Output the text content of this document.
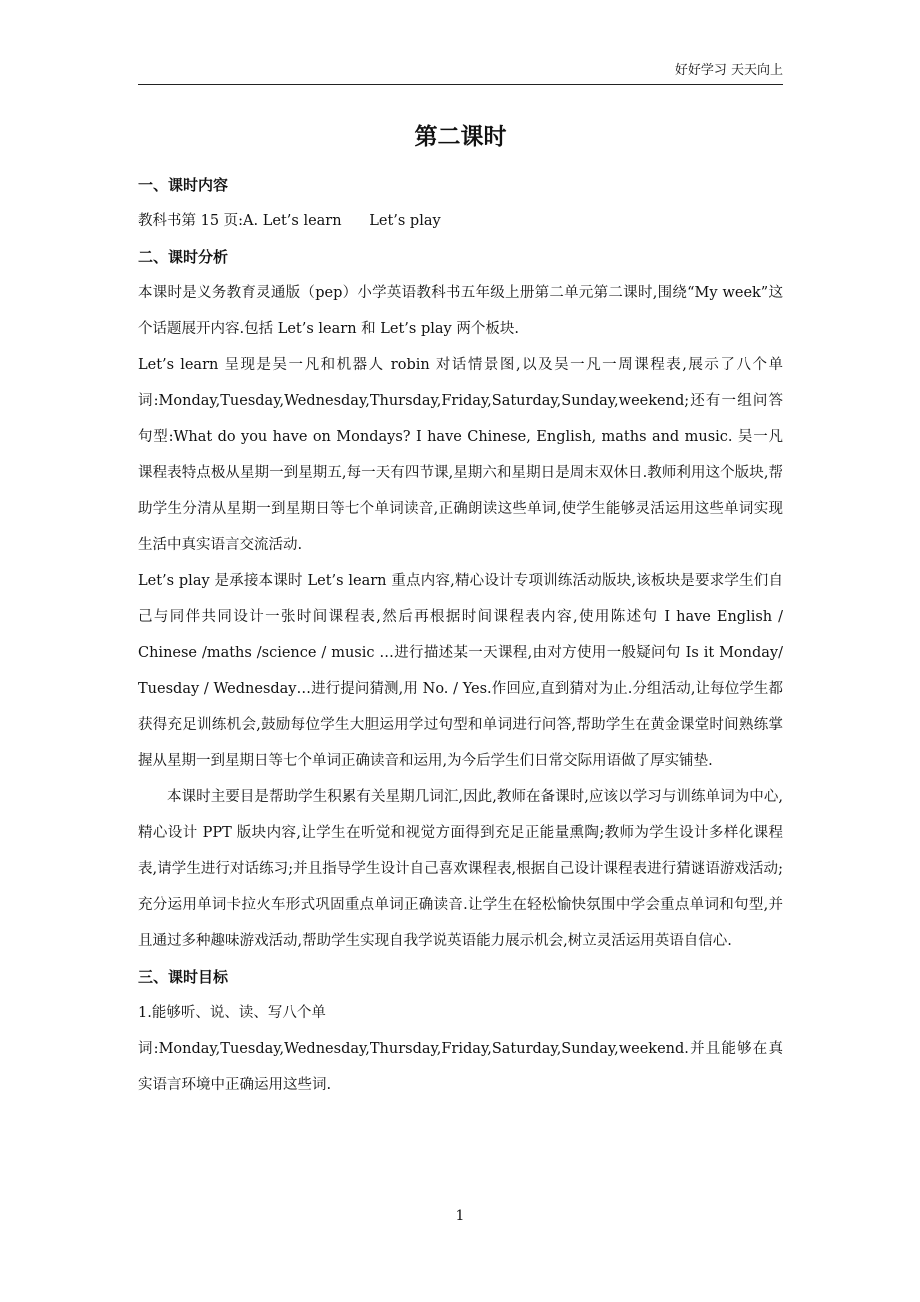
好好学习 天天向上
第二课时
一、课时内容
教科书第 15 页:A. Let’s learn      Let’s play
二、课时分析
本课时是义务教育灵通版（pep）小学英语教科书五年级上册第二单元第二课时,围绕“My week”这个话题展开内容.包括 Let’s learn 和 Let’s play 两个板块.
Let’s learn 呈现是吴一凡和机器人 robin 对话情景图,以及吴一凡一周课程表,展示了八个单词:Monday,Tuesday,Wednesday,Thursday,Friday,Saturday,Sunday,weekend;还有一组问答句型:What do you have on Mondays? I have Chinese, English, maths and music. 吴一凡课程表特点极从星期一到星期五,每一天有四节课,星期六和星期日是周末双休日.教师利用这个版块,帮助学生分清从星期一到星期日等七个单词读音,正确朗读这些单词,使学生能够灵活运用这些单词实现生活中真实语言交流活动.
Let’s play 是承接本课时 Let’s learn 重点内容,精心设计专项训练活动版块,该板块是要求学生们自己与同伴共同设计一张时间课程表,然后再根据时间课程表内容,使用陈述句 I have English / Chinese /maths /science / music …进行描述某一天课程,由对方使用一般疑问句 Is it Monday/ Tuesday / Wednesday…进行提问猜测,用 No. / Yes.作回应,直到猜对为止.分组活动,让每位学生都获得充足训练机会,鼓励每位学生大胆运用学过句型和单词进行问答,帮助学生在黄金课堂时间熟练掌握从星期一到星期日等七个单词正确读音和运用,为今后学生们日常交际用语做了厚实铺垫.
本课时主要目是帮助学生积累有关星期几词汇,因此,教师在备课时,应该以学习与训练单词为中心,精心设计 PPT 版块内容,让学生在听觉和视觉方面得到充足正能量熏陶;教师为学生设计多样化课程表,请学生进行对话练习;并且指导学生设计自己喜欢课程表,根据自己设计课程表进行猜谜语游戏活动;充分运用单词卡拉火车形式巩固重点单词正确读音.让学生在轻松愉快氛围中学会重点单词和句型,并且通过多种趣味游戏活动,帮助学生实现自我学说英语能力展示机会,树立灵活运用英语自信心.
三、课时目标
1.能够听、说、读、写八个单
词:Monday,Tuesday,Wednesday,Thursday,Friday,Saturday,Sunday,weekend.并且能够在真实语言环境中正确运用这些词.
1
